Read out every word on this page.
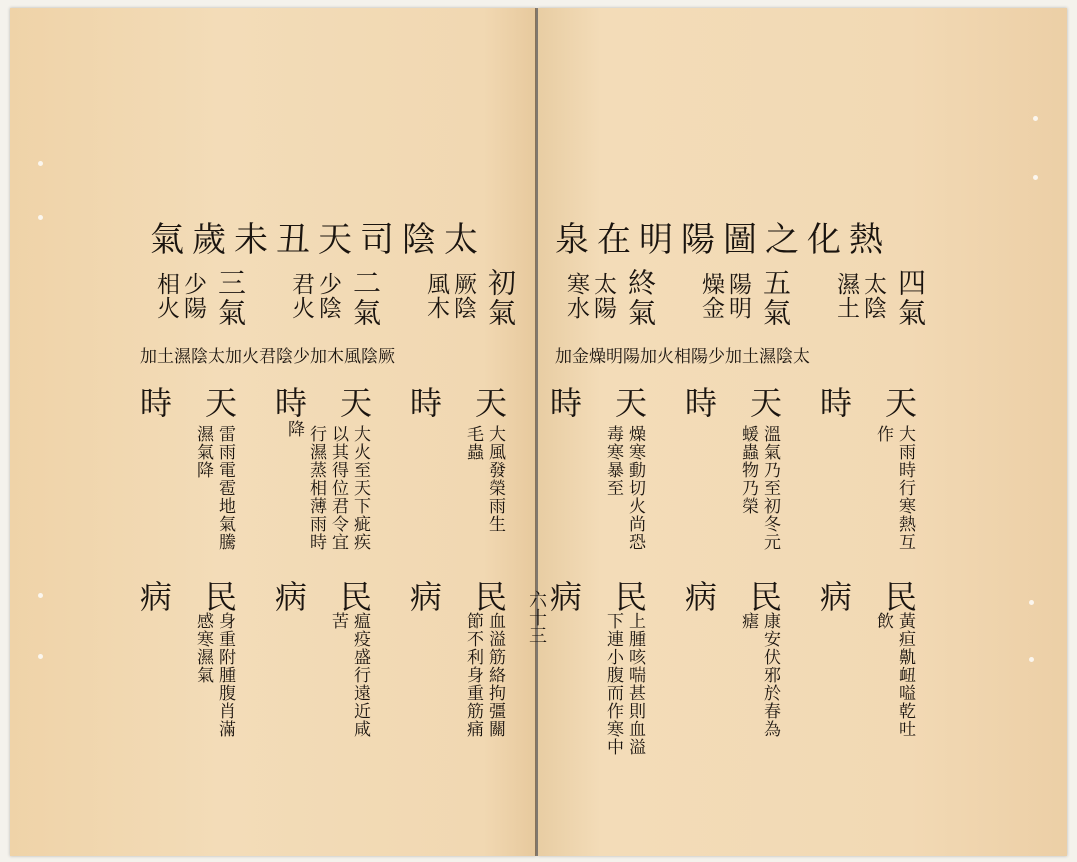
太陰司天丑未歲氣
初氣
厥陰
風木
二氣
少陰
君火
三氣
少陽
相火
厥陰風木加少陰君火加太陰濕土加
天
時
大風發榮雨生
毛蟲
天
時
大火至天下疵疾
以其得位君令宜
行濕蒸相薄雨時
降
天
時
雷雨電雹地氣騰
濕氣降
民
病
血溢筋絡拘彊關
節不利身重筋痛
民
病
瘟疫盛行遠近咸
苦
民
病
身重附腫腹肖滿
感寒濕氣
熱化之圖陽明在泉
四氣
太陰
濕土
五氣
陽明
燥金
終氣
太陽
寒水
太陰濕土加少陽相火加陽明燥金加
天
時
大雨時行寒熱互
作
天
時
溫氣乃至初冬元
蝯蟲物乃榮
天
時
燥寒動切火尚恐
毒寒暴至
民
病
黃疸鼽衄嗌乾吐
飲
民
病
康安伏邪於春為
瘧
民
病
上腫咳喘甚則血溢
下連小腹而作寒中
六十三
